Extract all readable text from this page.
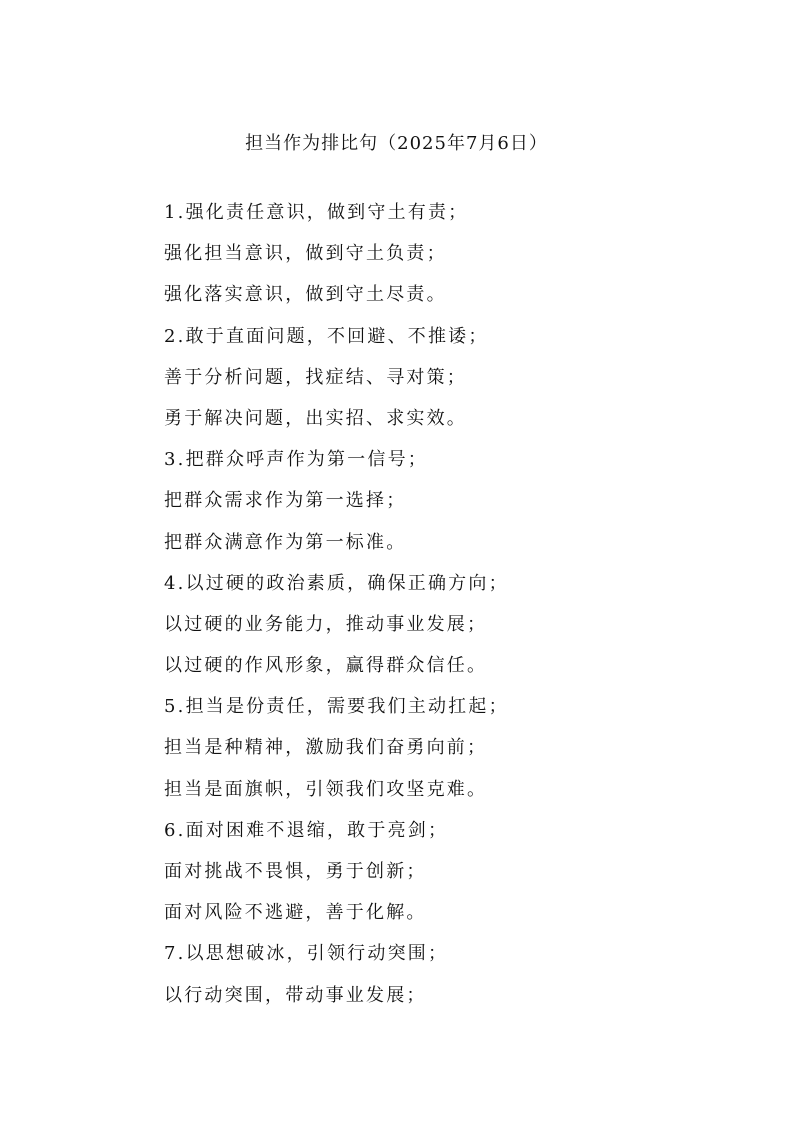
担当作为排比句（2025年7月6日）
1.强化责任意识，做到守土有责；
强化担当意识，做到守土负责；
强化落实意识，做到守土尽责。
2.敢于直面问题，不回避、不推诿；
善于分析问题，找症结、寻对策；
勇于解决问题，出实招、求实效。
3.把群众呼声作为第一信号；
把群众需求作为第一选择；
把群众满意作为第一标准。
4.以过硬的政治素质，确保正确方向；
以过硬的业务能力，推动事业发展；
以过硬的作风形象，赢得群众信任。
5.担当是份责任，需要我们主动扛起；
担当是种精神，激励我们奋勇向前；
担当是面旗帜，引领我们攻坚克难。
6.面对困难不退缩，敢于亮剑；
面对挑战不畏惧，勇于创新；
面对风险不逃避，善于化解。
7.以思想破冰，引领行动突围；
以行动突围，带动事业发展；
